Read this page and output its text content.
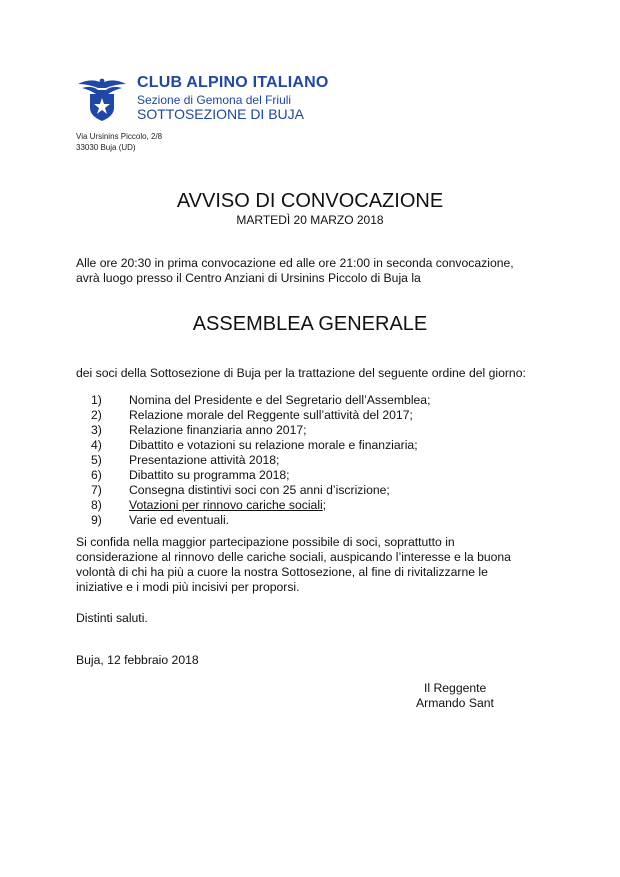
CLUB ALPINO ITALIANO
Sezione di Gemona del Friuli
SOTTOSEZIONE DI BUJA
Via Ursinins Piccolo, 2/8
33030 Buja (UD)
AVVISO DI CONVOCAZIONE
MARTEDÌ 20 MARZO 2018
Alle ore 20:30 in prima convocazione ed alle ore 21:00 in seconda convocazione,
avrà luogo presso il Centro Anziani di Ursinins Piccolo di Buja la
ASSEMBLEA GENERALE
dei soci della Sottosezione di Buja per la trattazione del seguente ordine del giorno:
1)	Nomina del Presidente e del Segretario dell’Assemblea;
2)	Relazione morale del Reggente sull’attività del 2017;
3)	Relazione finanziaria anno 2017;
4)	Dibattito e votazioni su relazione morale e finanziaria;
5)	Presentazione attività 2018;
6)	Dibattito su programma 2018;
7)	Consegna distintivi soci con 25 anni d’iscrizione;
8)	Votazioni per rinnovo cariche sociali ;
9)	Varie ed eventuali.
Si confida nella maggior partecipazione possibile di soci, soprattutto in
considerazione al rinnovo delle cariche sociali, auspicando l’interesse e la buona
volontà di chi ha più a cuore la nostra Sottosezione, al fine di rivitalizzarne le
iniziative e i modi più incisivi per proporsi.
Distinti saluti.
Buja, 12 febbraio 2018
Il Reggente
Armando Sant
